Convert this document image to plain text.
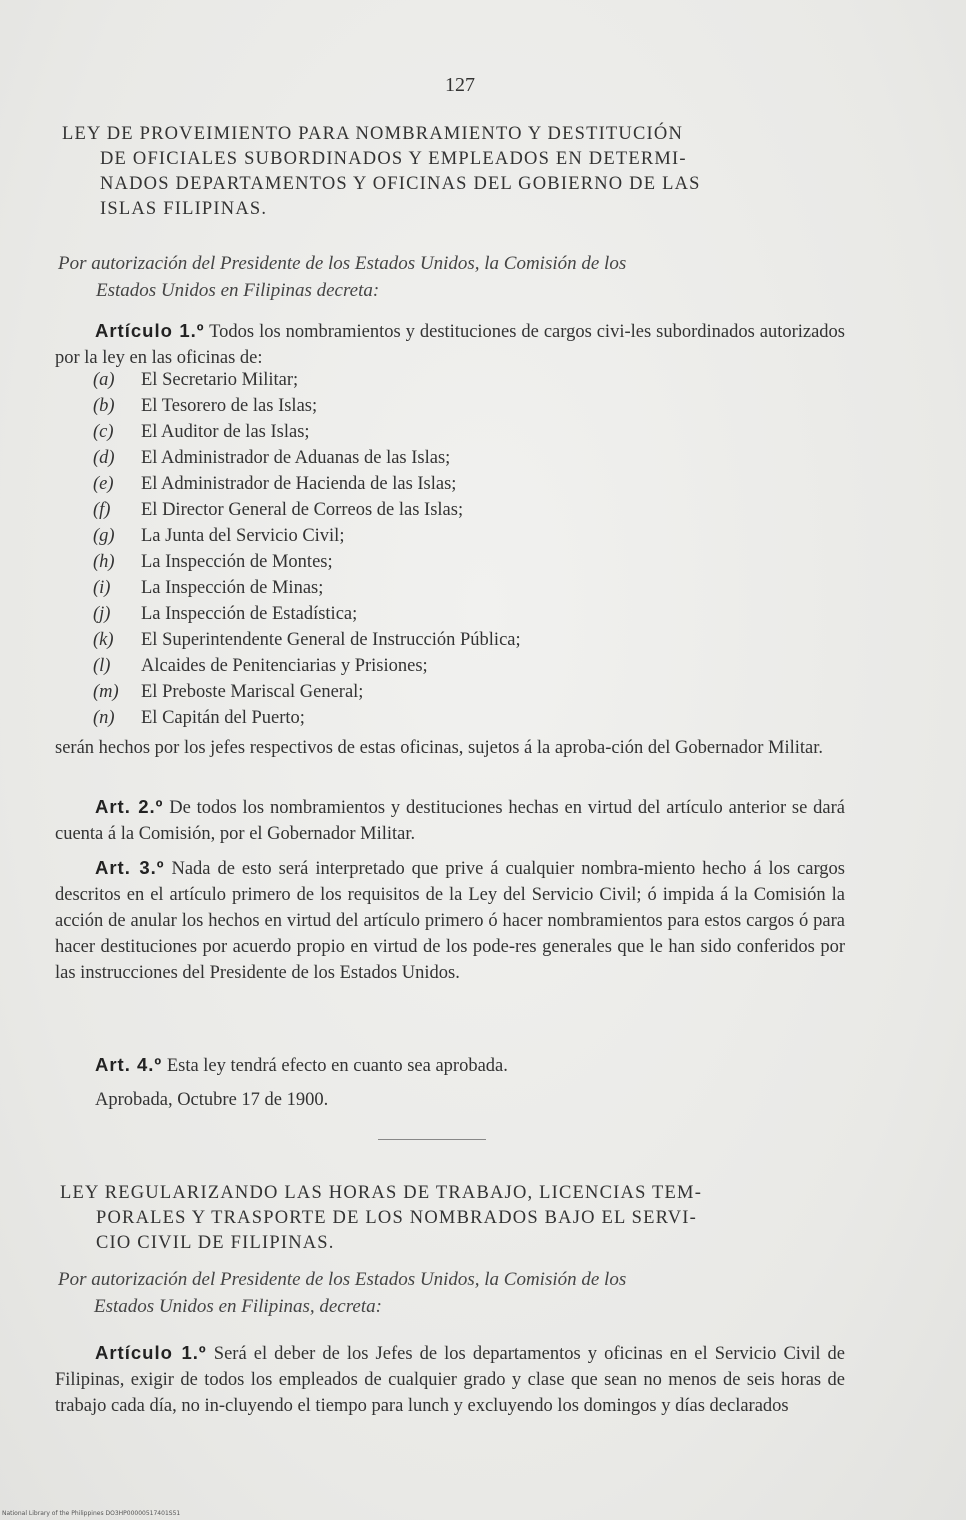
127
LEY DE PROVEIMIENTO PARA NOMBRAMIENTO Y DESTITUCIÓN
DE OFICIALES SUBORDINADOS Y EMPLEADOS EN DETERMI-
NADOS DEPARTAMENTOS Y OFICINAS DEL GOBIERNO DE LAS
ISLAS FILIPINAS.
Por autorización del Presidente de los Estados Unidos, la Comisión de los
Estados Unidos en Filipinas decreta:
Artículo 1.º Todos los nombramientos y destituciones de cargos civi-les subordinados autorizados por la ley en las oficinas de:
(a)	El Secretario Militar;
(b)	El Tesorero de las Islas;
(c)	El Auditor de las Islas;
(d)	El Administrador de Aduanas de las Islas;
(e)	El Administrador de Hacienda de las Islas;
(f)	El Director General de Correos de las Islas;
(g)	La Junta del Servicio Civil;
(h)	La Inspección de Montes;
(i)	La Inspección de Minas;
(j)	La Inspección de Estadística;
(k)	El Superintendente General de Instrucción Pública;
(l)	Alcaides de Penitenciarias y Prisiones;
(m)	El Preboste Mariscal General;
(n)	El Capitán del Puerto;
serán hechos por los jefes respectivos de estas oficinas, sujetos á la aproba-ción del Gobernador Militar.
Art. 2.º De todos los nombramientos y destituciones hechas en virtud del artículo anterior se dará cuenta á la Comisión, por el Gobernador Militar.
Art. 3.º Nada de esto será interpretado que prive á cualquier nombra-miento hecho á los cargos descritos en el artículo primero de los requisitos de la Ley del Servicio Civil; ó impida á la Comisión la acción de anular los hechos en virtud del artículo primero ó hacer nombramientos para estos cargos ó para hacer destituciones por acuerdo propio en virtud de los pode-res generales que le han sido conferidos por las instrucciones del Presidente de los Estados Unidos.
Art. 4.º Esta ley tendrá efecto en cuanto sea aprobada.
Aprobada, Octubre 17 de 1900.
LEY REGULARIZANDO LAS HORAS DE TRABAJO, LICENCIAS TEM-
PORALES Y TRASPORTE DE LOS NOMBRADOS BAJO EL SERVI-
CIO CIVIL DE FILIPINAS.
Por autorización del Presidente de los Estados Unidos, la Comisión de los
Estados Unidos en Filipinas, decreta:
Artículo 1.º Será el deber de los Jefes de los departamentos y oficinas en el Servicio Civil de Filipinas, exigir de todos los empleados de cualquier grado y clase que sean no menos de seis horas de trabajo cada día, no in-cluyendo el tiempo para lunch y excluyendo los domingos y días declarados
National Library of the Philippines DO3HP00000517401S51
